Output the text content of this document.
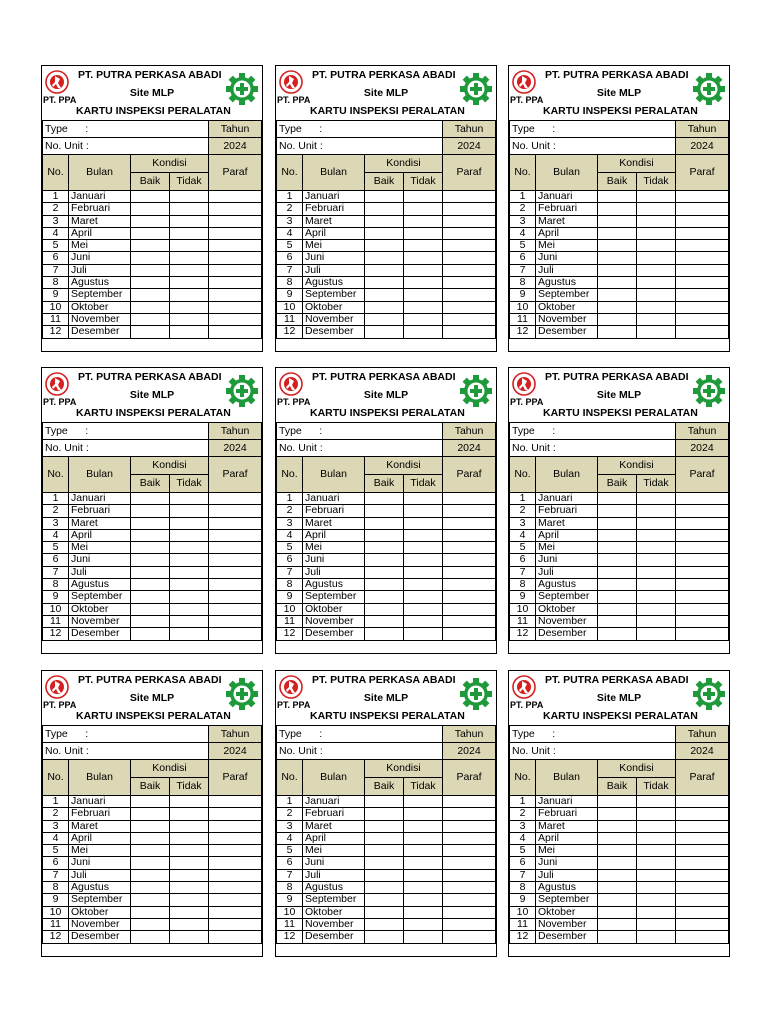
PT. PPA
PT. PUTRA PERKASA ABADI
Site MLP
KARTU INSPEKSI PERALATAN
Type      :				Tahun
No. Unit :				2024
No.	Bulan	Kondisi		Paraf
		Baik	Tidak	
1	Januari			
2	Februari			
3	Maret			
4	April			
5	Mei			
6	Juni			
7	Juli			
8	Agustus			
9	September			
10	Oktober			
11	November			
12	Desember			
PT. PPA
PT. PUTRA PERKASA ABADI
Site MLP
KARTU INSPEKSI PERALATAN
Type      :				Tahun
No. Unit :				2024
No.	Bulan	Kondisi		Paraf
		Baik	Tidak	
1	Januari			
2	Februari			
3	Maret			
4	April			
5	Mei			
6	Juni			
7	Juli			
8	Agustus			
9	September			
10	Oktober			
11	November			
12	Desember			
PT. PPA
PT. PUTRA PERKASA ABADI
Site MLP
KARTU INSPEKSI PERALATAN
Type      :				Tahun
No. Unit :				2024
No.	Bulan	Kondisi		Paraf
		Baik	Tidak	
1	Januari			
2	Februari			
3	Maret			
4	April			
5	Mei			
6	Juni			
7	Juli			
8	Agustus			
9	September			
10	Oktober			
11	November			
12	Desember			
PT. PPA
PT. PUTRA PERKASA ABADI
Site MLP
KARTU INSPEKSI PERALATAN
Type      :				Tahun
No. Unit :				2024
No.	Bulan	Kondisi		Paraf
		Baik	Tidak	
1	Januari			
2	Februari			
3	Maret			
4	April			
5	Mei			
6	Juni			
7	Juli			
8	Agustus			
9	September			
10	Oktober			
11	November			
12	Desember			
PT. PPA
PT. PUTRA PERKASA ABADI
Site MLP
KARTU INSPEKSI PERALATAN
Type      :				Tahun
No. Unit :				2024
No.	Bulan	Kondisi		Paraf
		Baik	Tidak	
1	Januari			
2	Februari			
3	Maret			
4	April			
5	Mei			
6	Juni			
7	Juli			
8	Agustus			
9	September			
10	Oktober			
11	November			
12	Desember			
PT. PPA
PT. PUTRA PERKASA ABADI
Site MLP
KARTU INSPEKSI PERALATAN
Type      :				Tahun
No. Unit :				2024
No.	Bulan	Kondisi		Paraf
		Baik	Tidak	
1	Januari			
2	Februari			
3	Maret			
4	April			
5	Mei			
6	Juni			
7	Juli			
8	Agustus			
9	September			
10	Oktober			
11	November			
12	Desember			
PT. PPA
PT. PUTRA PERKASA ABADI
Site MLP
KARTU INSPEKSI PERALATAN
Type      :				Tahun
No. Unit :				2024
No.	Bulan	Kondisi		Paraf
		Baik	Tidak	
1	Januari			
2	Februari			
3	Maret			
4	April			
5	Mei			
6	Juni			
7	Juli			
8	Agustus			
9	September			
10	Oktober			
11	November			
12	Desember			
PT. PPA
PT. PUTRA PERKASA ABADI
Site MLP
KARTU INSPEKSI PERALATAN
Type      :				Tahun
No. Unit :				2024
No.	Bulan	Kondisi		Paraf
		Baik	Tidak	
1	Januari			
2	Februari			
3	Maret			
4	April			
5	Mei			
6	Juni			
7	Juli			
8	Agustus			
9	September			
10	Oktober			
11	November			
12	Desember			
PT. PPA
PT. PUTRA PERKASA ABADI
Site MLP
KARTU INSPEKSI PERALATAN
Type      :				Tahun
No. Unit :				2024
No.	Bulan	Kondisi		Paraf
		Baik	Tidak	
1	Januari			
2	Februari			
3	Maret			
4	April			
5	Mei			
6	Juni			
7	Juli			
8	Agustus			
9	September			
10	Oktober			
11	November			
12	Desember			
